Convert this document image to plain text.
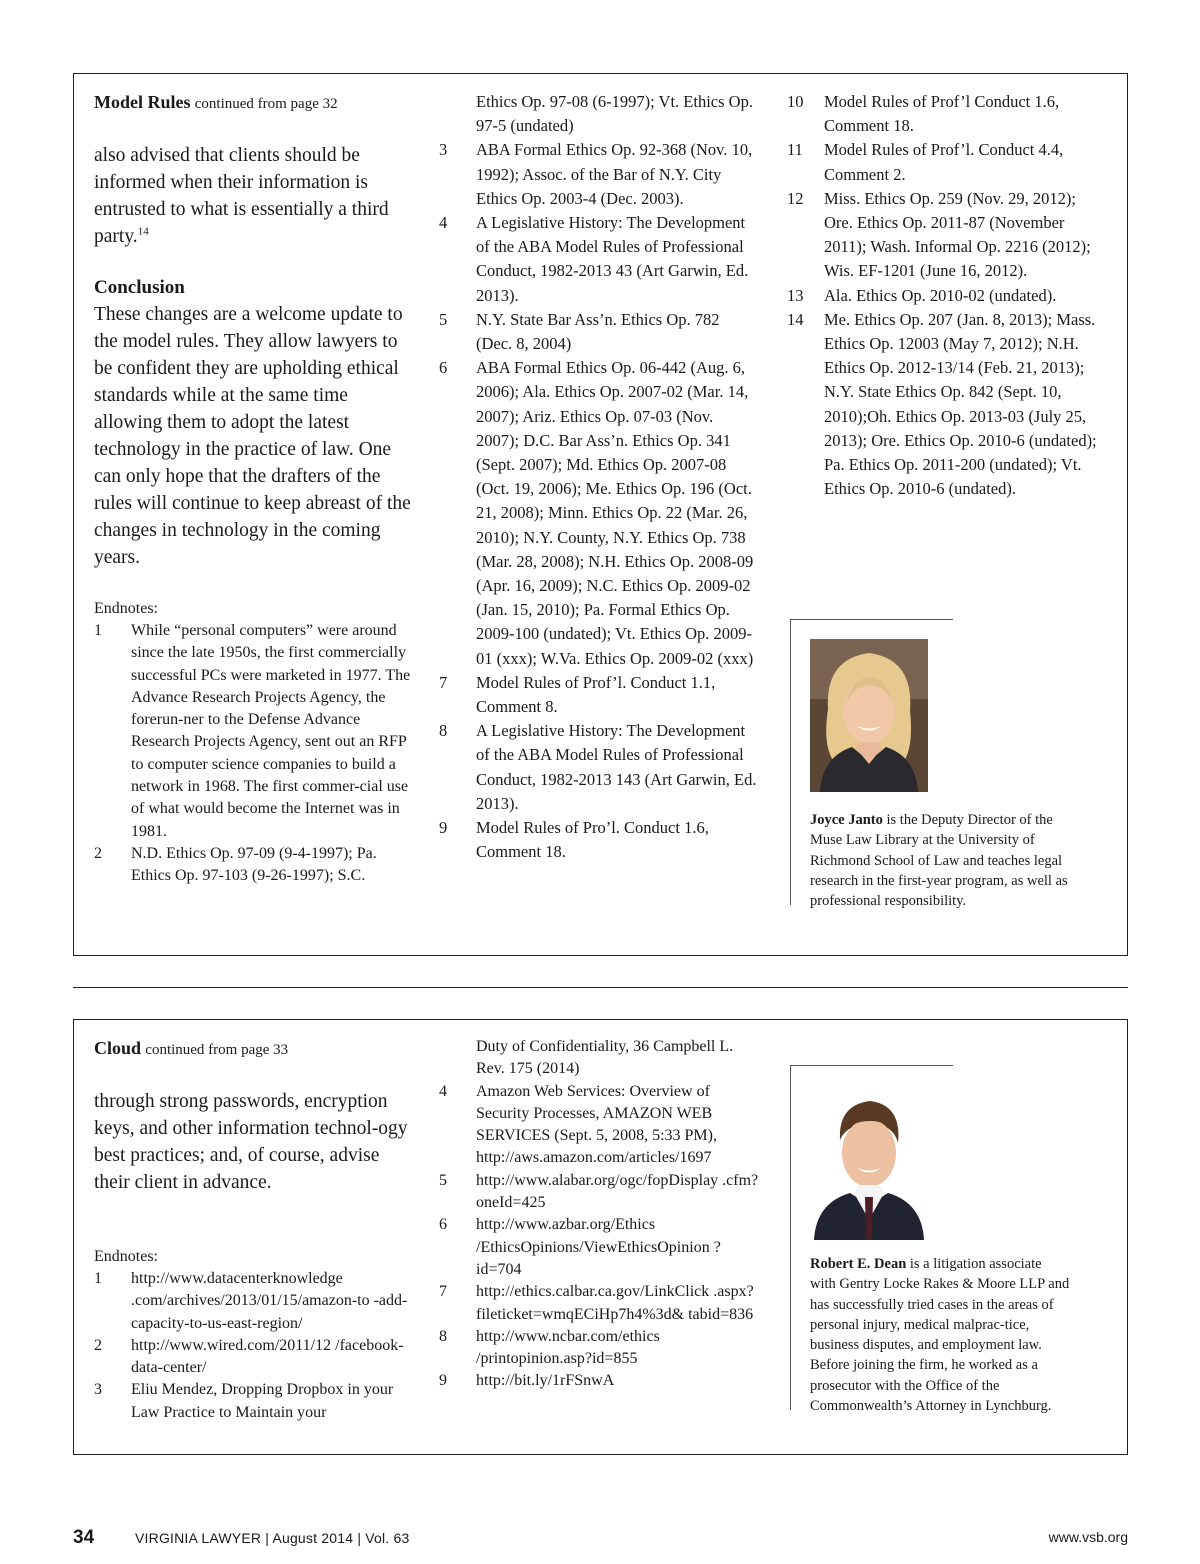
Model Rules continued from page 32

also advised that clients should be informed when their information is entrusted to what is essentially a third party.$^{14}$

Conclusion

These changes are a welcome update to the model rules. They allow lawyers to be confident they are upholding ethical standards while at the same time allowing them to adopt the latest technology in the practice of law. One can only hope that the drafters of the rules will continue to keep abreast of the changes in technology in the coming years.

Endnotes:
1 While “personal computers” were around since the late 1950s, the first commercially successful PCs were marketed in 1977. The Advance Research Projects Agency, the forerun-ner to the Defense Advance Research Projects Agency, sent out an RFP to computer science companies to build a network in 1968. The first commer-cial use of what would become the Internet was in 1981.
2 N.D. Ethics Op. 97-09 (9-4-1997); Pa. Ethics Op. 97-103 (9-26-1997); S.C.
Ethics Op. 97-08 (6-1997); Vt. Ethics Op. 97-5 (undated)
3 ABA Formal Ethics Op. 92-368 (Nov. 10, 1992); Assoc. of the Bar of N.Y. City Ethics Op. 2003-4 (Dec. 2003).
4 A Legislative History: The Development of the ABA Model Rules of Professional Conduct, 1982-2013 43 (Art Garwin, Ed. 2013).
5 N.Y. State Bar Ass’n. Ethics Op. 782 (Dec. 8, 2004)
6 ABA Formal Ethics Op. 06-442 (Aug. 6, 2006); Ala. Ethics Op. 2007-02 (Mar. 14, 2007); Ariz. Ethics Op. 07-03 (Nov. 2007); D.C. Bar Ass’n. Ethics Op. 341 (Sept. 2007); Md. Ethics Op. 2007-08 (Oct. 19, 2006); Me. Ethics Op. 196 (Oct. 21, 2008); Minn. Ethics Op. 22 (Mar. 26, 2010); N.Y. County, N.Y. Ethics Op. 738 (Mar. 28, 2008); N.H. Ethics Op. 2008-09 (Apr. 16, 2009); N.C. Ethics Op. 2009-02 (Jan. 15, 2010); Pa. Formal Ethics Op. 2009-100 (undated); Vt. Ethics Op. 2009-01 (xxx); W.Va. Ethics Op. 2009-02 (xxx)
7 Model Rules of Prof’l. Conduct 1.1, Comment 8.
8 A Legislative History: The Development of the ABA Model Rules of Professional Conduct, 1982-2013 143 (Art Garwin, Ed. 2013).
9 Model Rules of Pro’l. Conduct 1.6, Comment 18.
10 Model Rules of Prof’l Conduct 1.6, Comment 18.
11 Model Rules of Prof’l. Conduct 4.4, Comment 2.
12 Miss. Ethics Op. 259 (Nov. 29, 2012); Ore. Ethics Op. 2011-87 (November 2011); Wash. Informal Op. 2216 (2012); Wis. EF-1201 (June 16, 2012).
13 Ala. Ethics Op. 2010-02 (undated).
14 Me. Ethics Op. 207 (Jan. 8, 2013); Mass. Ethics Op. 12003 (May 7, 2012); N.H. Ethics Op. 2012-13/14 (Feb. 21, 2013); N.Y. State Ethics Op. 842 (Sept. 10, 2010);Oh. Ethics Op. 2013-03 (July 25, 2013); Ore. Ethics Op. 2010-6 (undated); Pa. Ethics Op. 2011-200 (undated); Vt. Ethics Op. 2010-6 (undated).
Joyce Janto is the Deputy Director of the Muse Law Library at the University of Richmond School of Law and teaches legal research in the first-year program, as well as professional responsibility.
Cloud continued from page 33

through strong passwords, encryption keys, and other information technol-ogy best practices; and, of course, advise their client in advance.

Endnotes:
1 http://www.datacenterknowledge .com/archives/2013/01/15/amazon-to -add-capacity-to-us-east-region/
2 http://www.wired.com/2011/12 /facebook-data-center/
3 Eliu Mendez, Dropping Dropbox in your Law Practice to Maintain your
Duty of Confidentiality, 36 Campbell L. Rev. 175 (2014)
4 Amazon Web Services: Overview of Security Processes, AMAZON WEB SERVICES (Sept. 5, 2008, 5:33 PM), http://aws.amazon.com/articles/1697
5 http://www.alabar.org/ogc/fopDisplay .cfm?oneId=425
6 http://www.azbar.org/Ethics /EthicsOpinions/ViewEthicsOpinion ?id=704
7 http://ethics.calbar.ca.gov/LinkClick .aspx?fileticket=wmqECiHp7h4%3d& tabid=836
8 http://www.ncbar.com/ethics /printopinion.asp?id=855
9 http://bit.ly/1rFSnwA
Robert E. Dean is a litigation associate with Gentry Locke Rakes & Moore LLP and has successfully tried cases in the areas of personal injury, medical malprac-tice, business disputes, and employment law. Before joining the firm, he worked as a prosecutor with the Office of the Commonwealth’s Attorney in Lynchburg.
34	VIRGINIA LAWYER | August 2014 | Vol. 63	www.vsb.org
